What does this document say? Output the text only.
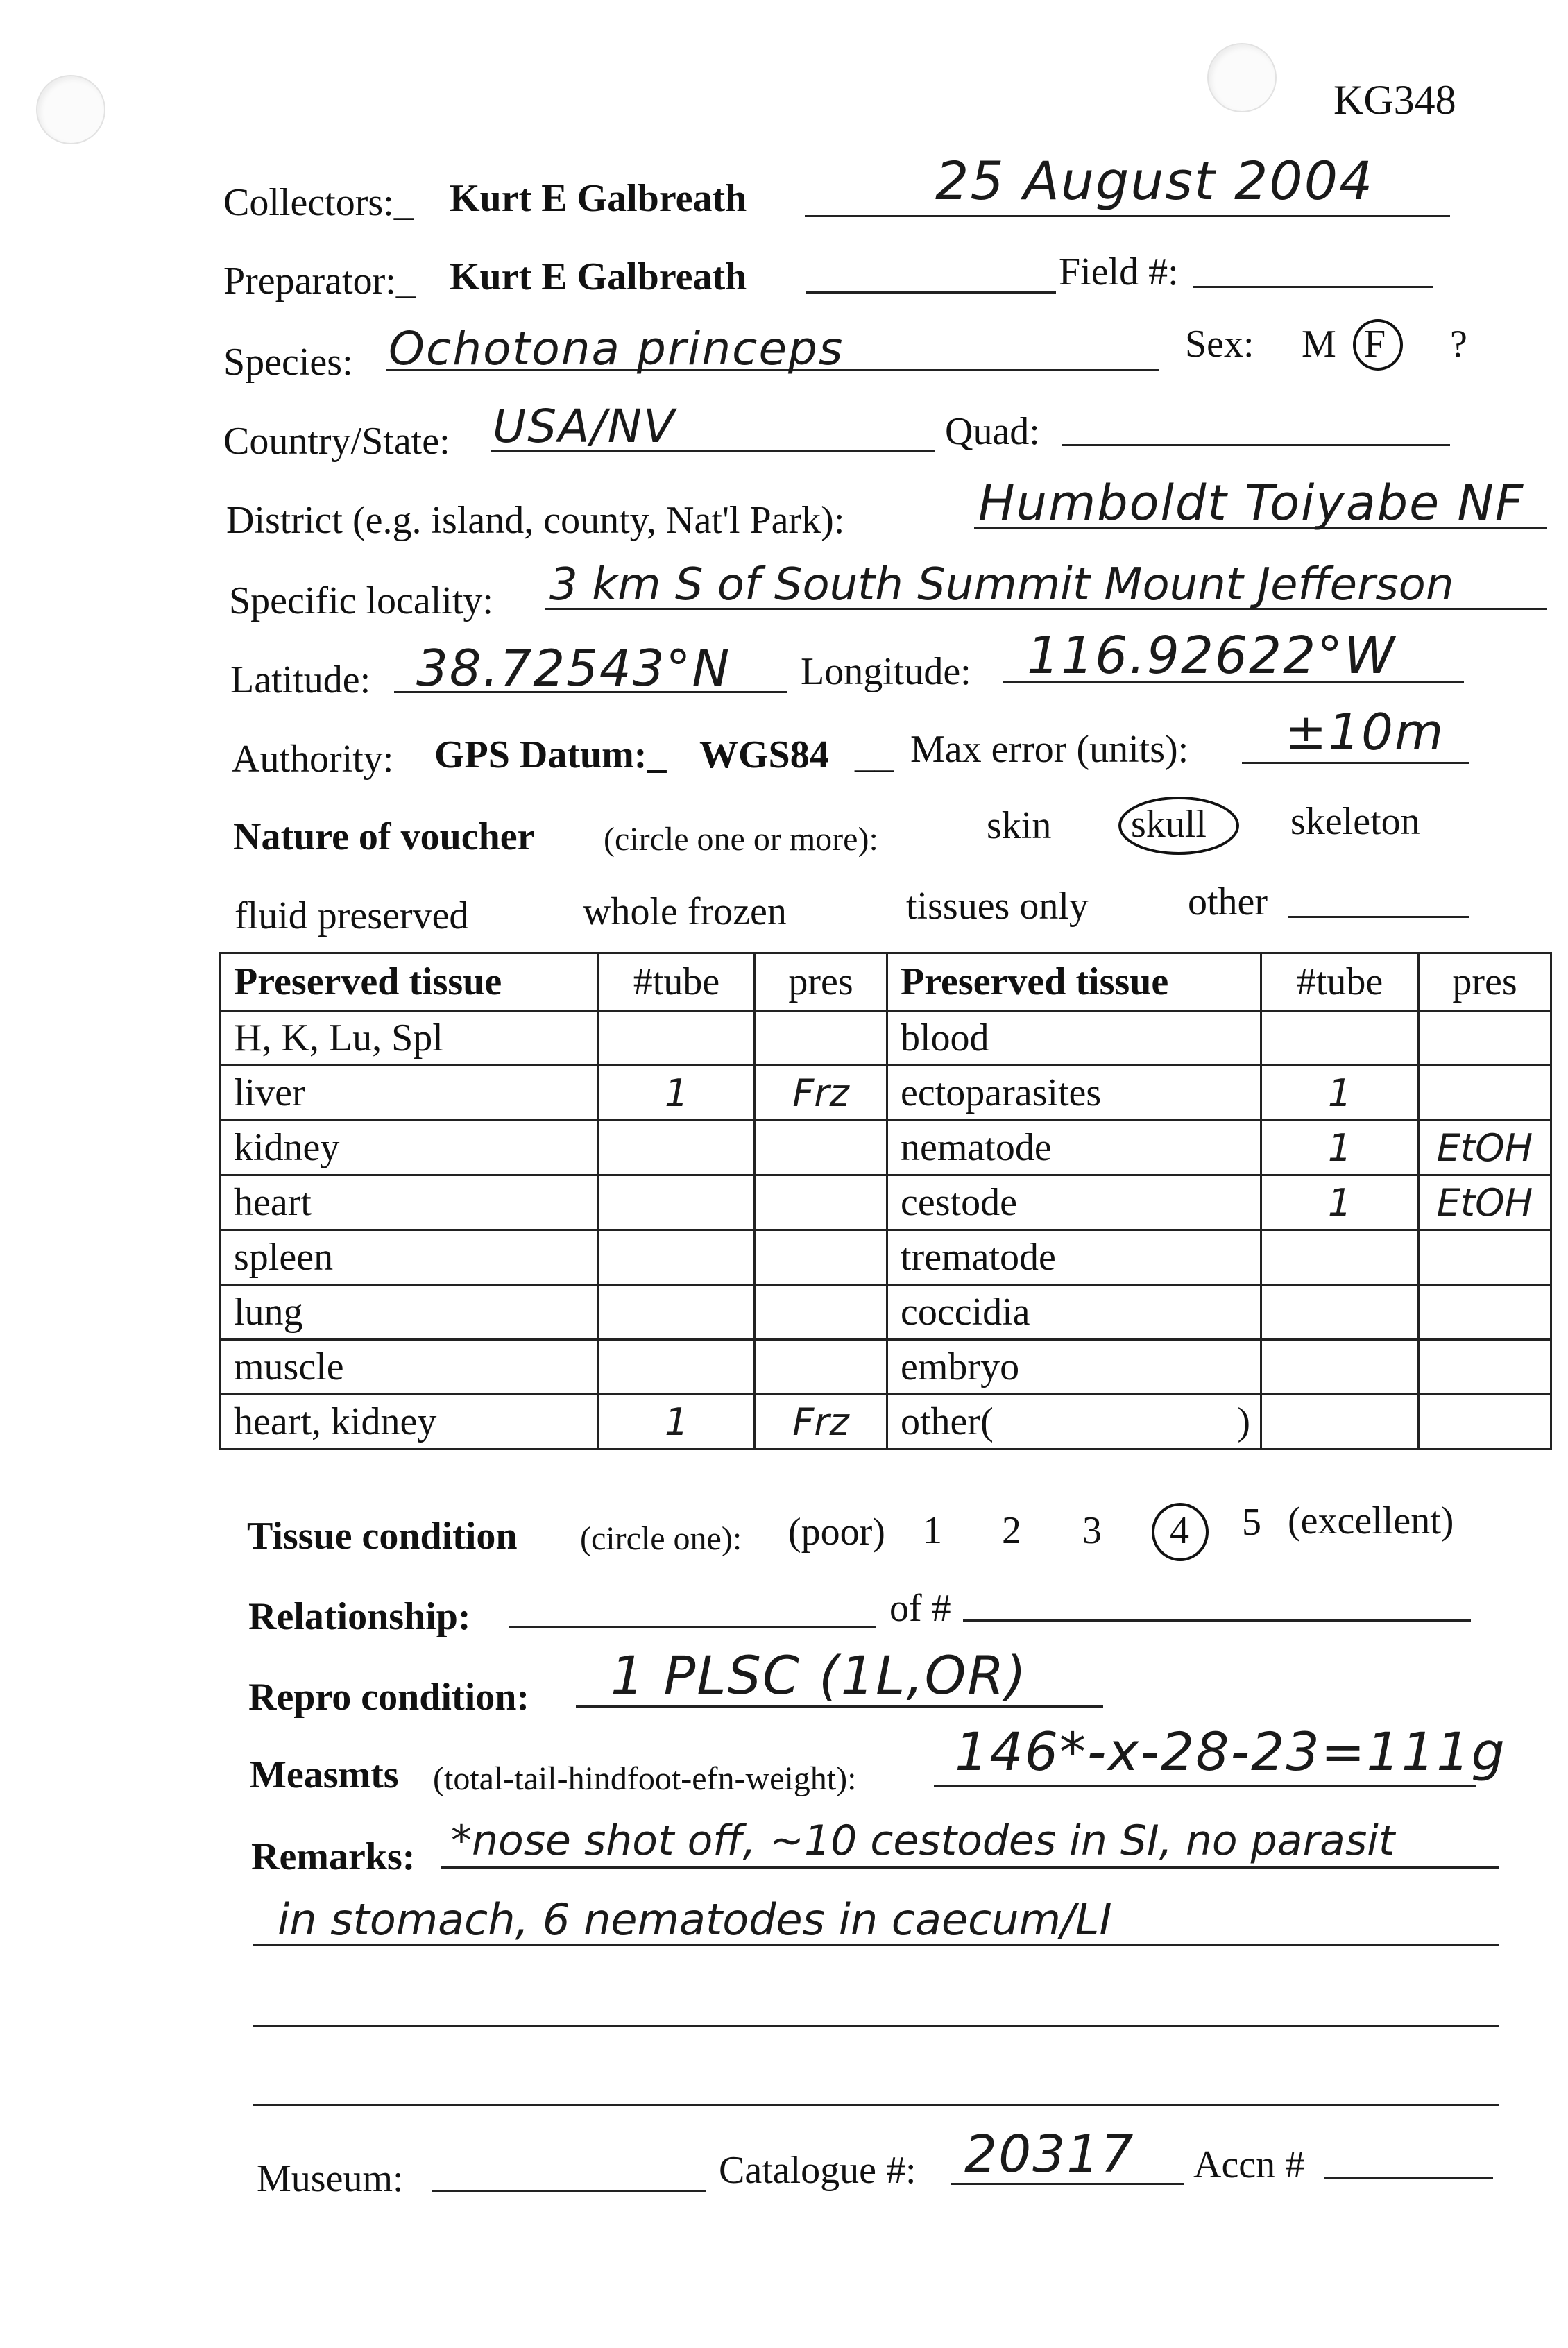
KG348
Collectors:_ Kurt E Galbreath	25 August 2004
Preparator:_ Kurt E Galbreath	Field #:
Species: Ochotona princeps	Sex: M F ?
Country/State: USA/NV	Quad:
District (e.g. island, county, Nat'l Park):	Humboldt Toiyabe NF
Specific locality: 3 km S of South Summit Mount Jefferson
Latitude: 38.72543°N Longitude: 116.92622°W
Authority: GPS Datum:_ WGS84 __ Max error (units): ±10m
Nature of voucher (circle one or more):	skin skull skeleton
fluid preserved	whole frozen	tissues only	other
Preserved tissue	#tube	pres	Preserved tissue	#tube	pres
H, K, Lu, Spl			blood		
liver	1	Frz	ectoparasites	1	
kidney			nematode	1	EtOH
heart			cestode	1	EtOH
spleen			trematode		
lung			coccidia		
muscle			embryo		
heart, kidney	1	Frz	other( )		

Tissue condition (circle one): (poor) 1 2 3 4 5 (excellent)
Relationship:	of #
Repro condition: 1 PLSC (1L,OR)
Measmts (total-tail-hindfoot-efn-weight): 146*-x-28-23=111g
Remarks: *nose shot off, ~10 cestodes in SI, no parasit
in stomach, 6 nematodes in caecum/LI
Museum:	Catalogue #: 20317 Accn #
